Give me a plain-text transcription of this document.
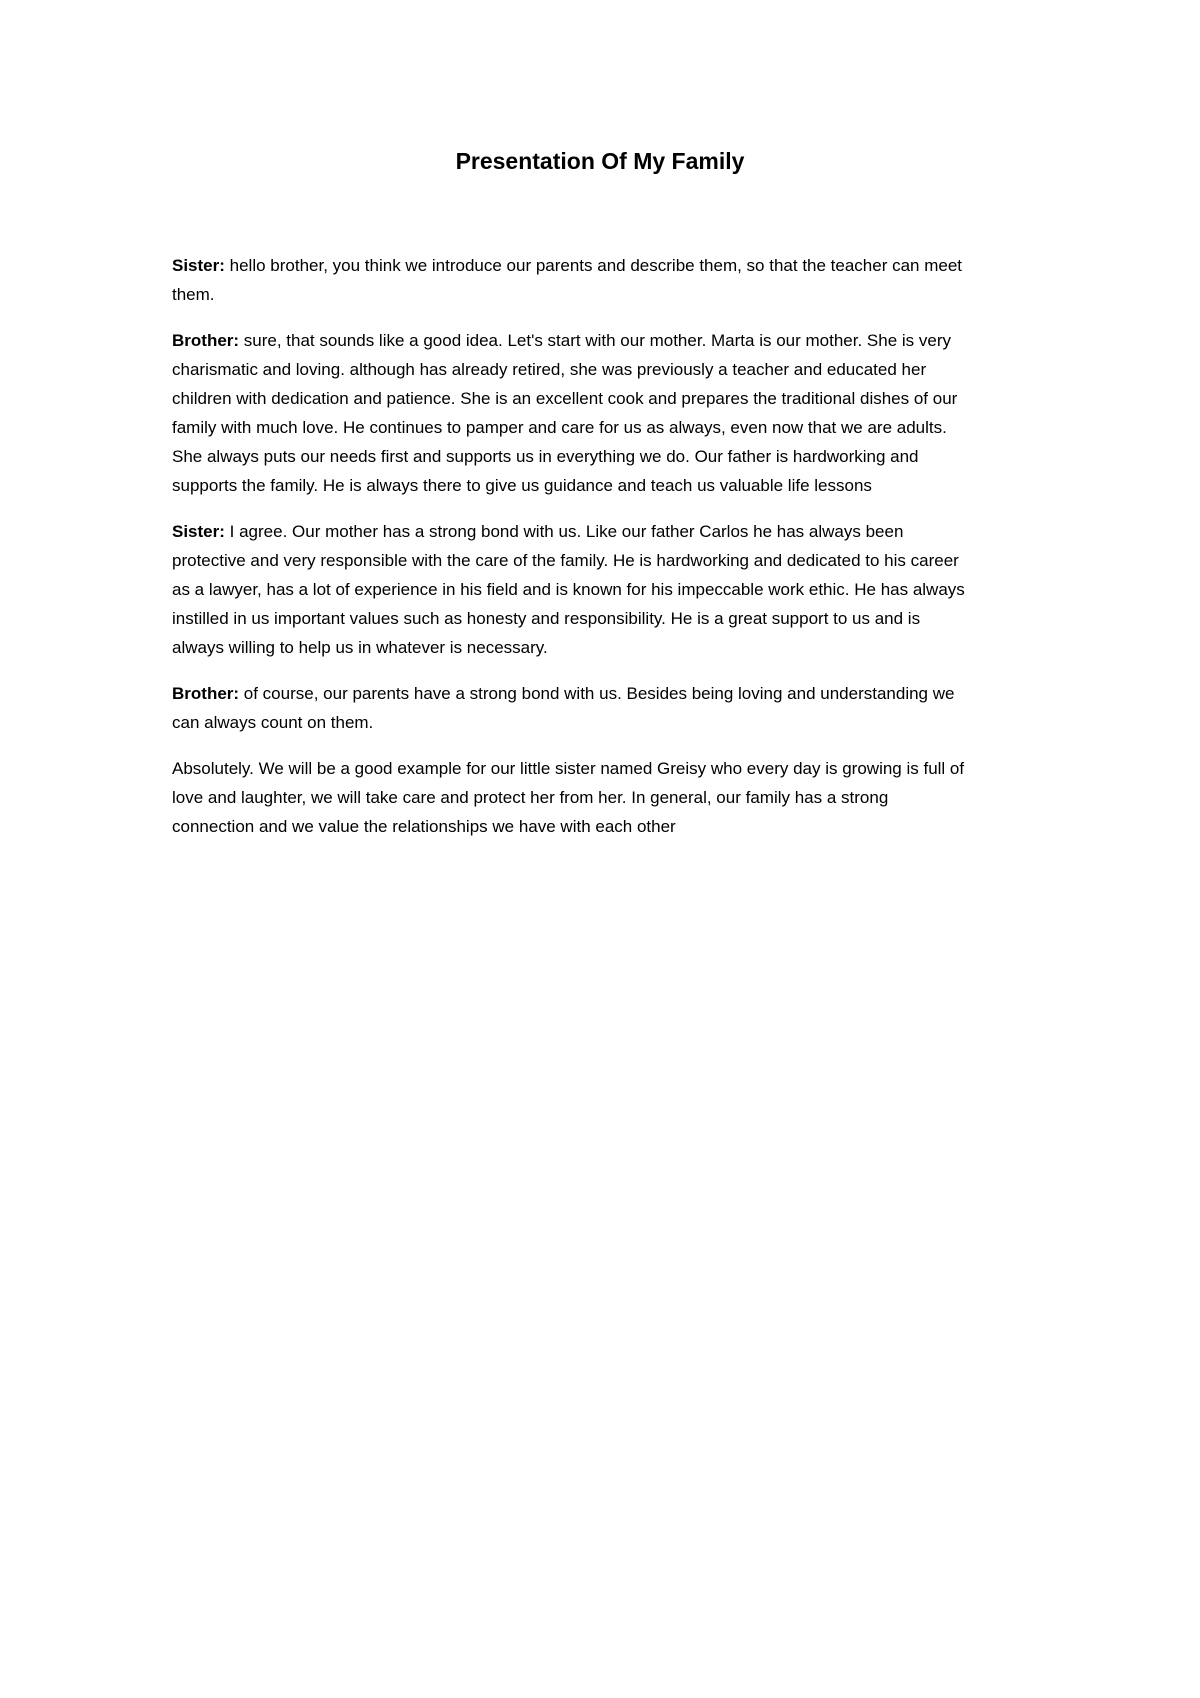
Presentation Of My Family

Sister: hello brother, you think we introduce our parents and describe them, so that the teacher can meet them.

Brother: sure, that sounds like a good idea. Let's start with our mother. Marta is our mother. She is very charismatic and loving. although has already retired, she was previously a teacher and educated her children with dedication and patience. She is an excellent cook and prepares the traditional dishes of our family with much love. He continues to pamper and care for us as always, even now that we are adults. She always puts our needs first and supports us in everything we do. Our father is hardworking and supports the family. He is always there to give us guidance and teach us valuable life lessons

Sister: I agree. Our mother has a strong bond with us. Like our father Carlos he has always been protective and very responsible with the care of the family. He is hardworking and dedicated to his career as a lawyer, has a lot of experience in his field and is known for his impeccable work ethic. He has always instilled in us important values such as honesty and responsibility. He is a great support to us and is always willing to help us in whatever is necessary.

Brother: of course, our parents have a strong bond with us. Besides being loving and understanding we can always count on them.

Absolutely. We will be a good example for our little sister named Greisy who every day is growing is full of love and laughter, we will take care and protect her from her. In general, our family has a strong connection and we value the relationships we have with each other
